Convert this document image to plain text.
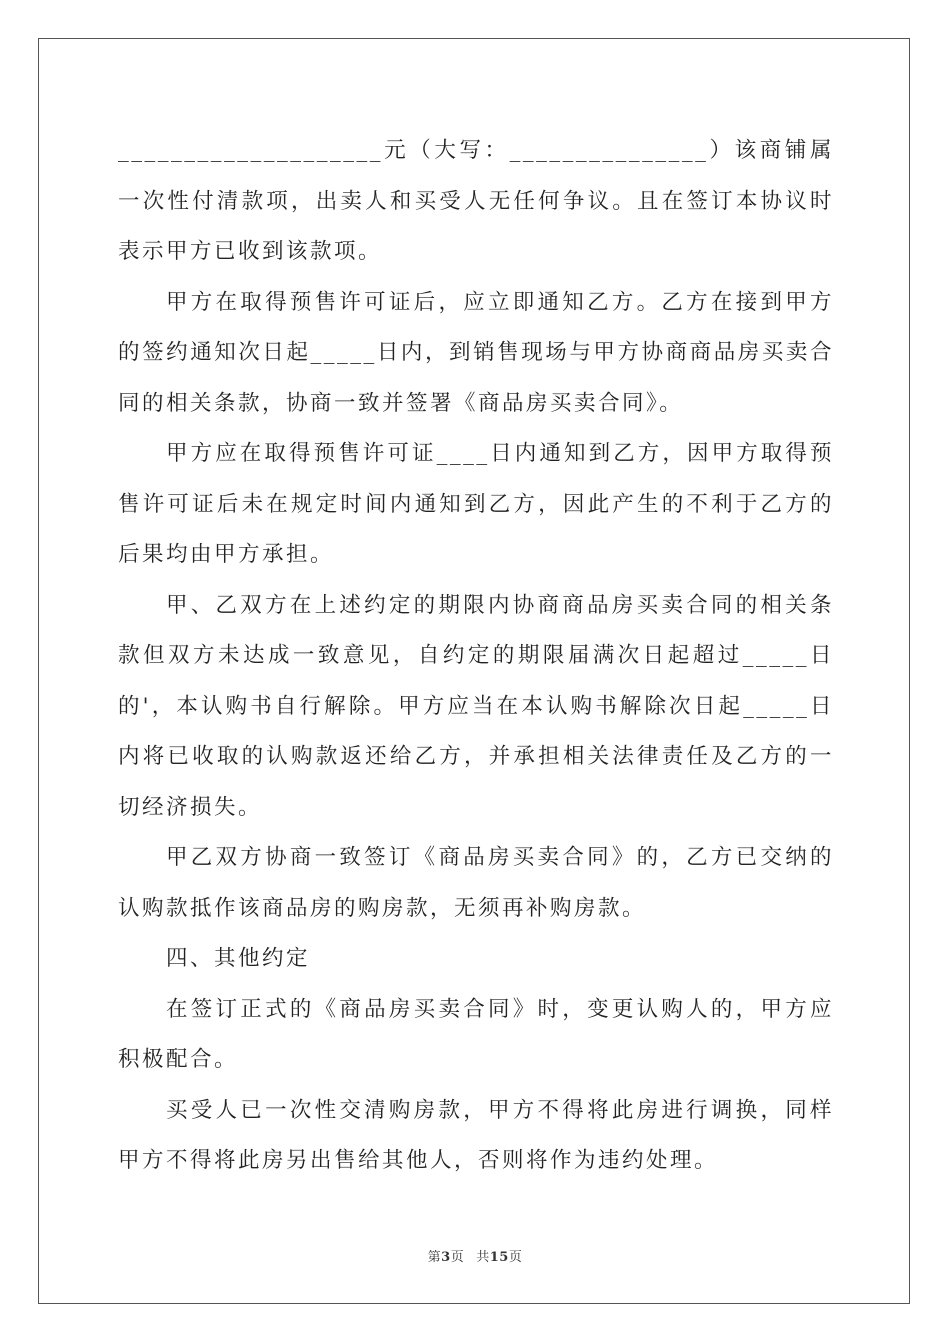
____________________元（大写：_______________）该商铺属一次性付清款项，出卖人和买受人无任何争议。且在签订本协议时表示甲方已收到该款项。

甲方在取得预售许可证后，应立即通知乙方。乙方在接到甲方的签约通知次日起_____日内，到销售现场与甲方协商商品房买卖合同的相关条款，协商一致并签署《商品房买卖合同》。

甲方应在取得预售许可证____日内通知到乙方，因甲方取得预售许可证后未在规定时间内通知到乙方，因此产生的不利于乙方的后果均由甲方承担。

甲、乙双方在上述约定的期限内协商商品房买卖合同的相关条款但双方未达成一致意见，自约定的期限届满次日起超过_____日的'，本认购书自行解除。甲方应当在本认购书解除次日起_____日内将已收取的认购款返还给乙方，并承担相关法律责任及乙方的一切经济损失。

甲乙双方协商一致签订《商品房买卖合同》的，乙方已交纳的认购款抵作该商品房的购房款，无须再补购房款。

四、其他约定

在签订正式的《商品房买卖合同》时，变更认购人的，甲方应积极配合。

买受人已一次性交清购房款，甲方不得将此房进行调换，同样甲方不得将此房另出售给其他人，否则将作为违约处理。

第3页 共15页
